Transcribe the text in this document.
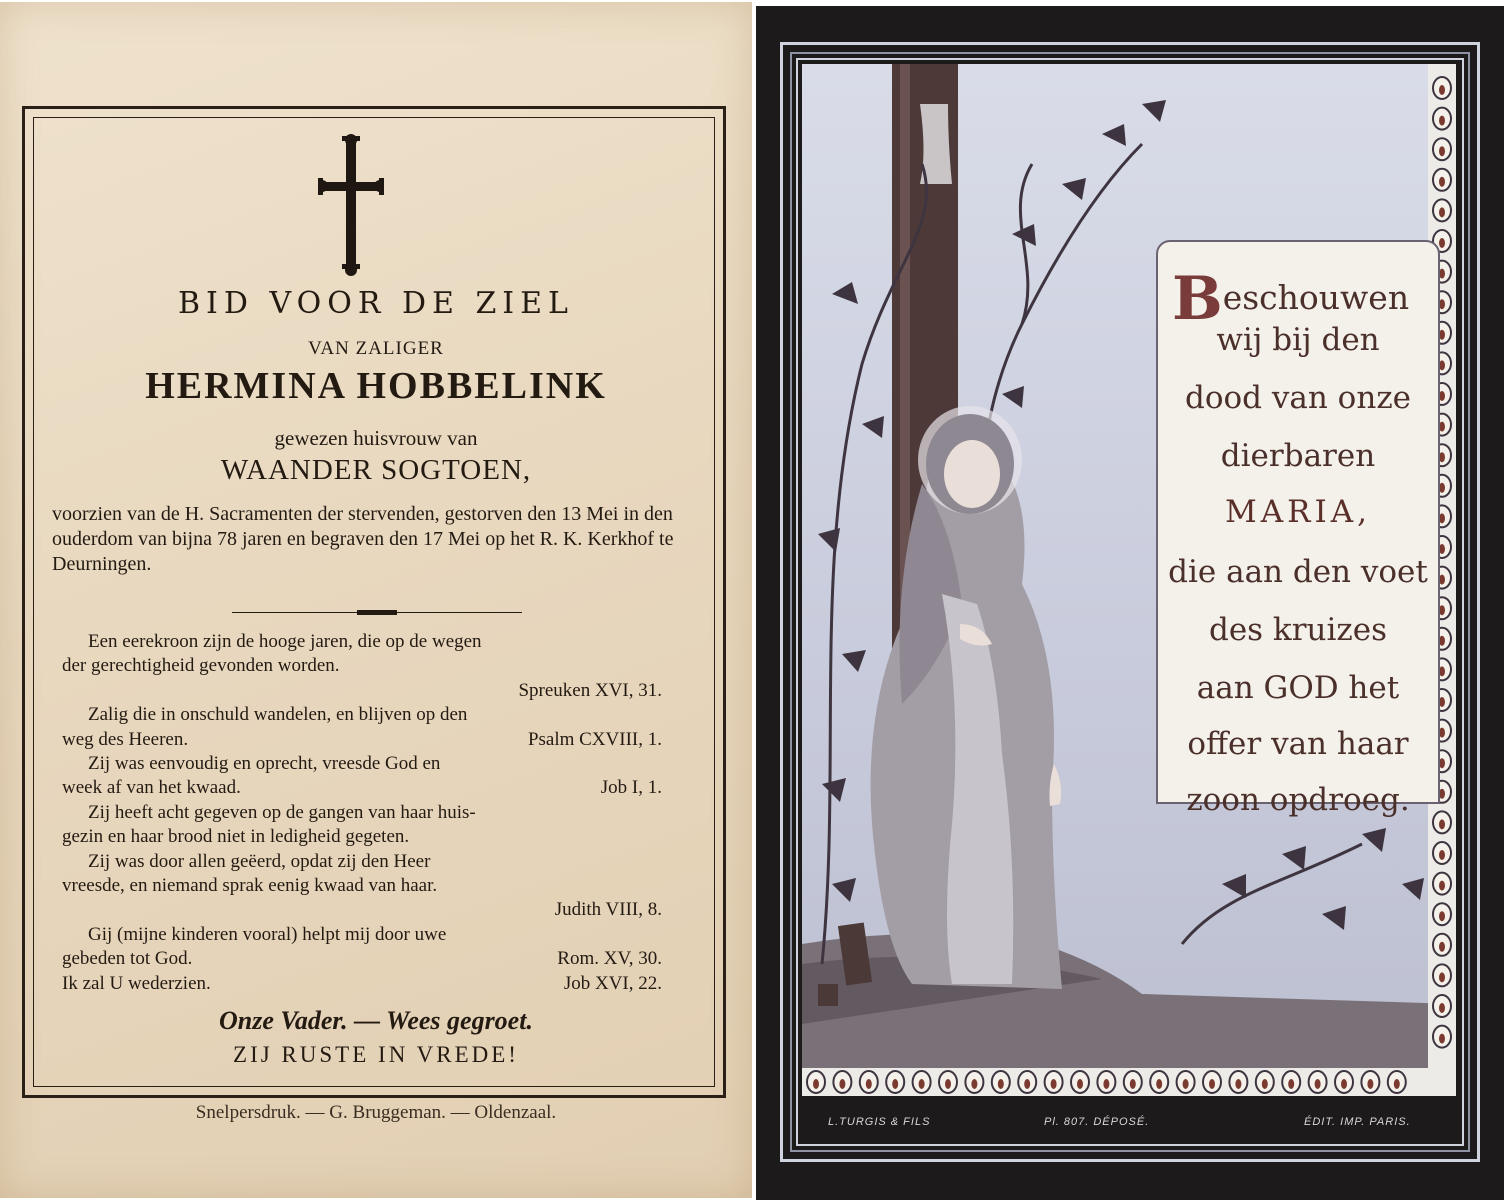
BID VOOR DE ZIEL
VAN ZALIGER
HERMINA HOBBELINK
gewezen huisvrouw van
WAANDER SOGTOEN,
voorzien van de H. Sacramenten der stervenden, gestorven den 13 Mei in den ouderdom van bijna 78 jaren en begraven den 17 Mei op het R. K. Kerkhof te Deurningen.
Een eerekroon zijn de hooge jaren, die op de wegen
der gerechtigheid gevonden worden.
Spreuken XVI, 31.
Zalig die in onschuld wandelen, en blijven op den
weg des Heeren.	Psalm CXVIII, 1.
Zij was eenvoudig en oprecht, vreesde God en
week af van het kwaad.	Job I, 1.
Zij heeft acht gegeven op de gangen van haar huis-
gezin en haar brood niet in ledigheid gegeten.
Zij was door allen geëerd, opdat zij den Heer
vreesde, en niemand sprak eenig kwaad van haar.
Judith VIII, 8.
Gij (mijne kinderen vooral) helpt mij door uwe
gebeden tot God.	Rom. XV, 30.
Ik zal U wederzien.	Job XVI, 22.
Onze Vader. — Wees gegroet.
ZIJ RUSTE IN VREDE!
Snelpersdruk. — G. Bruggeman. — Oldenzaal.
Beschouwen
wij bij den
dood van onze
dierbaren
MARIA,
die aan den voet
des kruizes
aan GOD het
offer van haar
zoon opdroeg.
L.TURGIS & FILS	Pl. 807. DÉPOSÉ.	ÉDIT. IMP. PARIS.
